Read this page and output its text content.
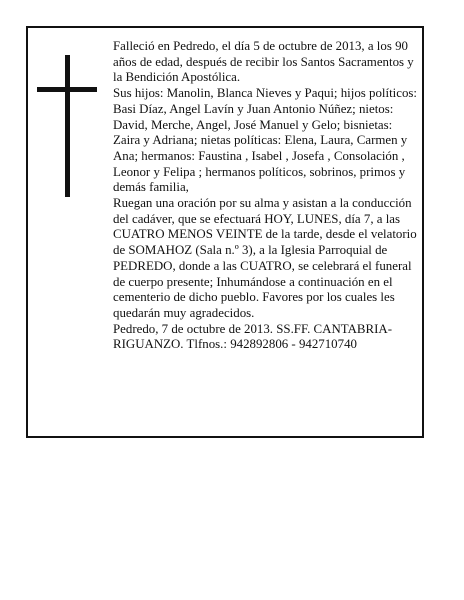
Falleció en Pedredo, el día 5 de octubre de 2013, a los 90 años de edad, después de recibir los Santos Sacramentos y la Bendición Apostólica.

Sus hijos: Manolin, Blanca Nieves y Paqui; hijos políticos: Basi Díaz, Angel Lavín y Juan Antonio Núñez; nietos: David, Merche, Angel, José Manuel y Gelo; bisnietas: Zaira y Adriana; nietas políticas: Elena, Laura, Carmen y Ana; hermanos: Faustina , Isabel , Josefa , Consolación , Leonor y Felipa ; hermanos políticos, sobrinos, primos y demás familia,

Ruegan una oración por su alma y asistan a la conducción del cadáver, que se efectuará HOY, LUNES, día 7, a las CUATRO MENOS VEINTE de la tarde, desde el velatorio de SOMAHOZ (Sala n.º 3), a la Iglesia Parroquial de PEDREDO, donde a las CUATRO, se celebrará el funeral de cuerpo presente; Inhumándose a continuación en el cementerio de dicho pueblo. Favores por los cuales les quedarán muy agradecidos.

Pedredo, 7 de octubre de 2013. SS.FF. CANTABRIA-RIGUANZO. Tlfnos.: 942892806 - 942710740
